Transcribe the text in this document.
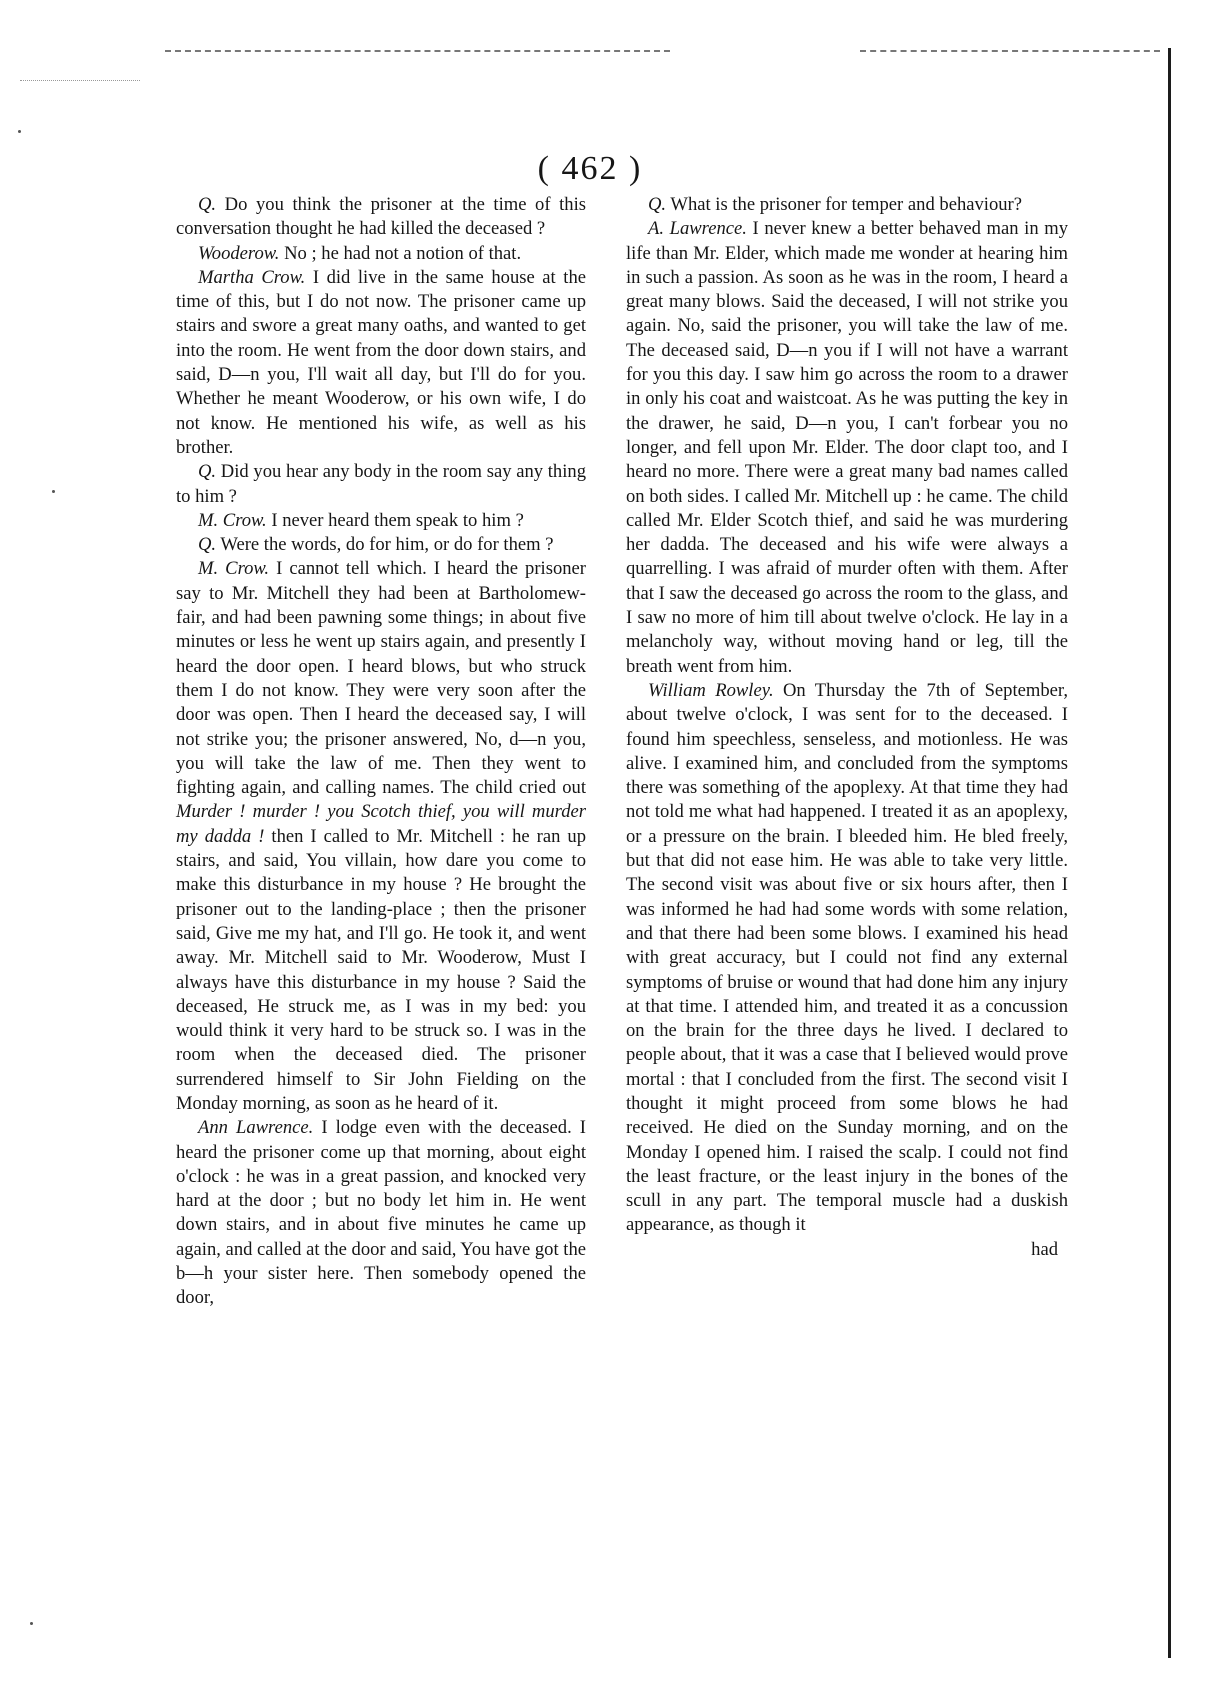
( 462 )

Q. Do you think the prisoner at the time of this conversation thought he had killed the deceased ?

Wooderow. No ; he had not a notion of that.

Martha Crow. I did live in the same house at the time of this, but I do not now. The prisoner came up stairs and swore a great many oaths, and wanted to get into the room. He went from the door down stairs, and said, D—n you, I'll wait all day, but I'll do for you. Whether he meant Wooderow, or his own wife, I do not know. He mentioned his wife, as well as his brother.

Q. Did you hear any body in the room say any thing to him ?

M. Crow. I never heard them speak to him ?

Q. Were the words, do for him, or do for them ?

M. Crow. I cannot tell which. I heard the prisoner say to Mr. Mitchell they had been at Bartholomew-fair, and had been pawning some things; in about five minutes or less he went up stairs again, and presently I heard the door open. I heard blows, but who struck them I do not know. They were very soon after the door was open. Then I heard the deceased say, I will not strike you; the prisoner answered, No, d—n you, you will take the law of me. Then they went to fighting again, and calling names. The child cried out Murder ! murder ! you Scotch thief, you will murder my dadda ! then I called to Mr. Mitchell : he ran up stairs, and said, You villain, how dare you come to make this disturbance in my house ? He brought the prisoner out to the landing-place ; then the prisoner said, Give me my hat, and I'll go. He took it, and went away. Mr. Mitchell said to Mr. Wooderow, Must I always have this disturbance in my house ? Said the deceased, He struck me, as I was in my bed: you would think it very hard to be struck so. I was in the room when the deceased died. The prisoner surrendered himself to Sir John Fielding on the Monday morning, as soon as he heard of it.

Ann Lawrence. I lodge even with the deceased. I heard the prisoner come up that morning, about eight o'clock : he was in a great passion, and knocked very hard at the door ; but no body let him in. He went down stairs, and in about five minutes he came up again, and called at the door and said, You have got the b—h your sister here. Then somebody opened the door,

Q. What is the prisoner for temper and behaviour?

A. Lawrence. I never knew a better behaved man in my life than Mr. Elder, which made me wonder at hearing him in such a passion. As soon as he was in the room, I heard a great many blows. Said the deceased, I will not strike you again. No, said the prisoner, you will take the law of me. The deceased said, D—n you if I will not have a warrant for you this day. I saw him go across the room to a drawer in only his coat and waistcoat. As he was putting the key in the drawer, he said, D—n you, I can't forbear you no longer, and fell upon Mr. Elder. The door clapt too, and I heard no more. There were a great many bad names called on both sides. I called Mr. Mitchell up : he came. The child called Mr. Elder Scotch thief, and said he was murdering her dadda. The deceased and his wife were always a quarrelling. I was afraid of murder often with them. After that I saw the deceased go across the room to the glass, and I saw no more of him till about twelve o'clock. He lay in a melancholy way, without moving hand or leg, till the breath went from him.

William Rowley. On Thursday the 7th of September, about twelve o'clock, I was sent for to the deceased. I found him speechless, senseless, and motionless. He was alive. I examined him, and concluded from the symptoms there was something of the apoplexy. At that time they had not told me what had happened. I treated it as an apoplexy, or a pressure on the brain. I bleeded him. He bled freely, but that did not ease him. He was able to take very little. The second visit was about five or six hours after, then I was informed he had had some words with some relation, and that there had been some blows. I examined his head with great accuracy, but I could not find any external symptoms of bruise or wound that had done him any injury at that time. I attended him, and treated it as a concussion on the brain for the three days he lived. I declared to people about, that it was a case that I believed would prove mortal : that I concluded from the first. The second visit I thought it might proceed from some blows he had received. He died on the Sunday morning, and on the Monday I opened him. I raised the scalp. I could not find the least fracture, or the least injury in the bones of the scull in any part. The temporal muscle had a duskish appearance, as though it

had
